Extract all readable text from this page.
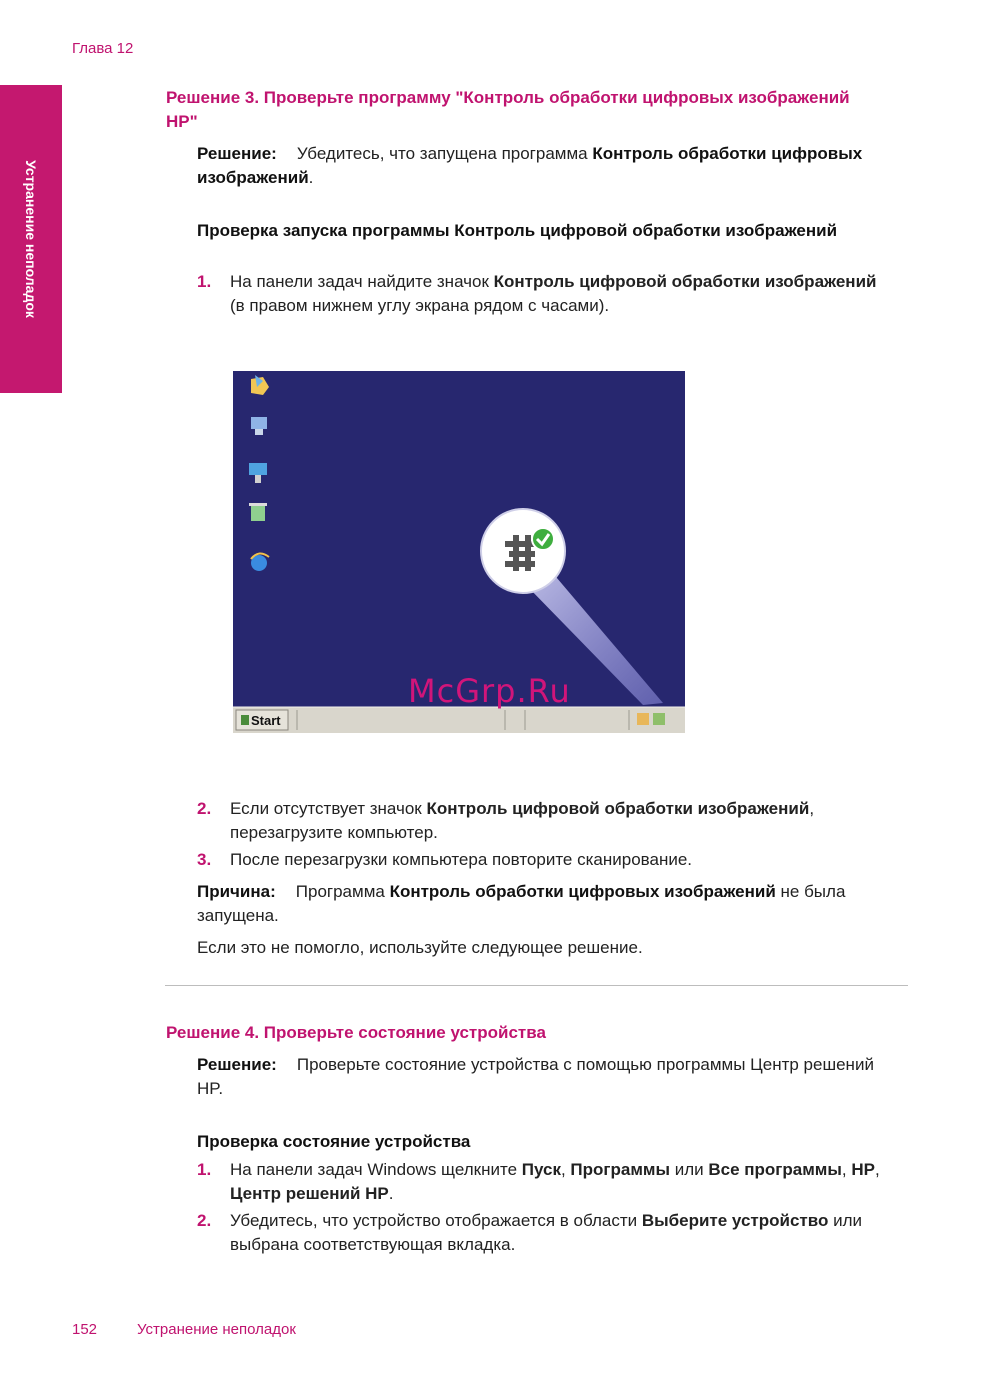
Глава 12
Устранение неполадок
Решение 3. Проверьте программу "Контроль обработки цифровых изображений HP"
Решение: Убедитесь, что запущена программа Контроль обработки цифровых изображений.
Проверка запуска программы Контроль цифровой обработки изображений
1. На панели задач найдите значок Контроль цифровой обработки изображений (в правом нижнем углу экрана рядом с часами).
Start
McGrp.Ru
2. Если отсутствует значок Контроль цифровой обработки изображений, перезагрузите компьютер.
3. После перезагрузки компьютера повторите сканирование.
Причина: Программа Контроль обработки цифровых изображений не была запущена.
Если это не помогло, используйте следующее решение.
Решение 4. Проверьте состояние устройства
Решение: Проверьте состояние устройства с помощью программы Центр решений HP.
Проверка состояние устройства
1. На панели задач Windows щелкните Пуск, Программы или Все программы, HP, Центр решений HP.
2. Убедитесь, что устройство отображается в области Выберите устройство или выбрана соответствующая вкладка.
152	Устранение неполадок
